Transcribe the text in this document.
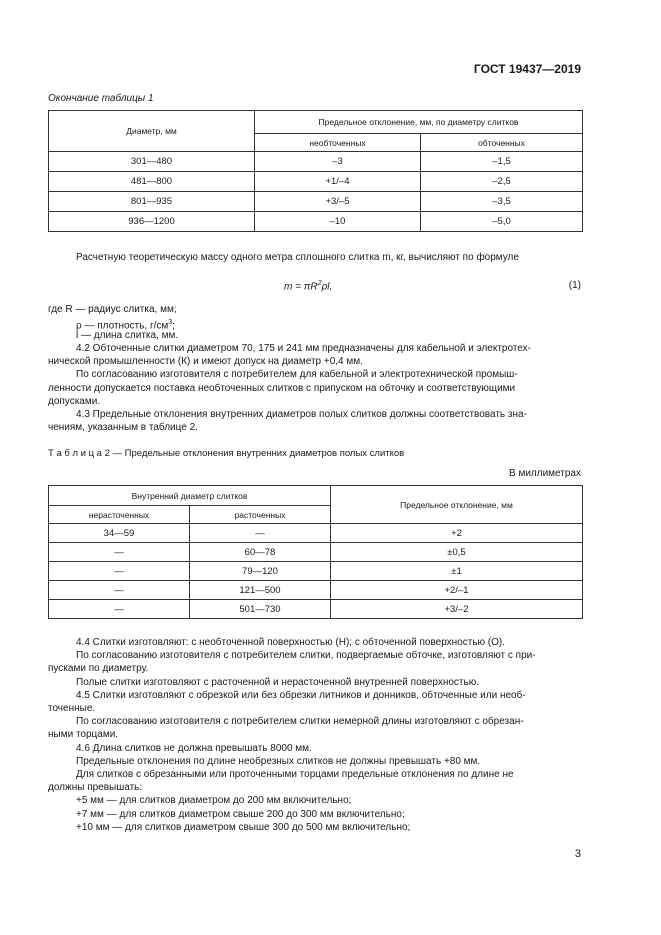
ГОСТ 19437—2019
Окончание таблицы 1
Диаметр, мм	Предельное отклонение, мм, по диаметру слитков	
	необточенных	обточенных
301—480	–3	–1,5
481—800	+1/–4	–2,5
801—935	+3/–5	–3,5
936—1200	–10	–5,0
Расчетную теоретическую массу одного метра сплошного слитка m, кг, вычисляют по формуле
$m = \pi R^2\rho l$,	(1)
где R — радиус слитка, мм;
ρ — плотность, $г/см^3$;
l — длина слитка, мм.
4.2 Обточенные слитки диаметром 70, 175 и 241 мм предназначены для кабельной и электротех-
нической промышленности (К) и имеют допуск на диаметр +0,4 мм.
По согласованию изготовителя с потребителем для кабельной и электротехнической промыш-
ленности допускается поставка необточенных слитков с припуском на обточку и соответствующими
допусками.
4.3 Предельные отклонения внутренних диаметров полых слитков должны соответствовать зна-
чениям, указанным в таблице 2.
Т а б л и ц а 2 — Предельные отклонения внутренних диаметров полых слитков
В миллиметрах
Внутренний диаметр слитков		Предельное отклонение, мм
нерасточенных	расточенных	
34—59	—	+2
—	60—78	±0,5
—	79—120	±1
—	121—500	+2/–1
—	501—730	+3/–2
4.4 Слитки изготовляют: с необточенной поверхностью (Н); с обточенной поверхностью (О).
По согласованию изготовителя с потребителем слитки, подвергаемые обточке, изготовляют с при-
пусками по диаметру.
Полые слитки изготовляют с расточенной и нерасточенной внутренней поверхностью.
4.5 Слитки изготовляют с обрезкой или без обрезки литников и донников, обточенные или необ-
точенные.
По согласованию изготовителя с потребителем слитки немерной длины изготовляют с обрезан-
ными торцами.
4.6 Длина слитков не должна превышать 8000 мм.
Предельные отклонения по длине необрезных слитков не должны превышать +80 мм.
Для слитков с обрезанными или проточенными торцами предельные отклонения по длине не
должны превышать:
+5 мм — для слитков диаметром до 200 мм включительно;
+7 мм — для слитков диаметром свыше 200 до 300 мм включительно;
+10 мм — для слитков диаметром свыше 300 до 500 мм включительно;
3
